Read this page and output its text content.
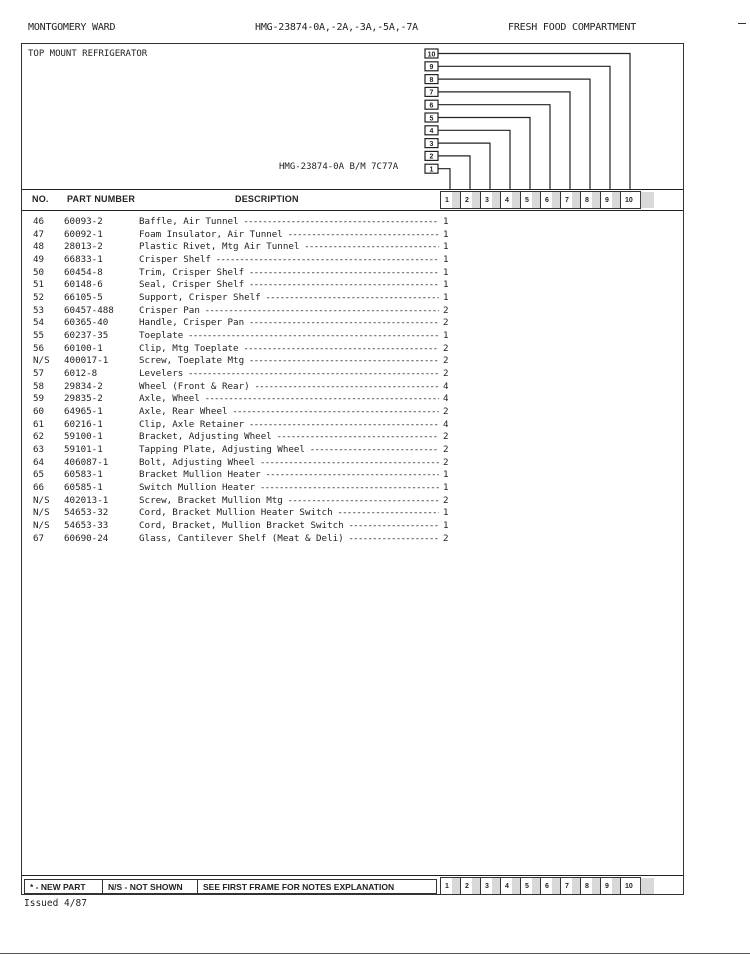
MONTGOMERY WARD	HMG-23874-0A,-2A,-3A,-5A,-7A	FRESH FOOD COMPARTMENT
TOP MOUNT REFRIGERATOR	10
9
8
7
6
5
4
3
2
1
HMG-23874-0A B/M 7C77A
NO. PART NUMBER	DESCRIPTION	1	2	3	4	5	6	7	8	9	10
46 60093-2	Baffle, Air Tunnel -----	1
47 60092-1	Foam Insulator, Air Tunnel -----	1
48 28013-2	Plastic Rivet, Mtg Air Tunnel -----	1
49 66833-1	Crisper Shelf -----	1
50 60454-8	Trim, Crisper Shelf -----	1
51 60148-6	Seal, Crisper Shelf -----	1
52 66105-5	Support, Crisper Shelf -----	1
53 60457-488	Crisper Pan -----	2
54 60365-40	Handle, Crisper Pan -----	2
55 60237-35	Toeplate -----	1
56 60100-1	Clip, Mtg Toeplate -----	2
N/S 400017-1	Screw, Toeplate Mtg -----	2
57 6012-8	Levelers -----	2
58 29834-2	Wheel (Front & Rear) -----	4
59 29835-2	Axle, Wheel -----	4
60 64965-1	Axle, Rear Wheel -----	2
61 60216-1	Clip, Axle Retainer -----	4
62 59100-1	Bracket, Adjusting Wheel -----	2
63 59101-1	Tapping Plate, Adjusting Wheel -----	2
64 406087-1	Bolt, Adjusting Wheel -----	2
65 60583-1	Bracket Mullion Heater -----	1
66 60585-1	Switch Mullion Heater -----	1
N/S 402013-1	Screw, Bracket Mullion Mtg -----	2
N/S 54653-32	Cord, Bracket Mullion Heater Switch -----	1
N/S 54653-33	Cord, Bracket, Mullion Bracket Switch -----	1
67 60690-24	Glass, Cantilever Shelf (Meat & Deli) -----	2
* - NEW PART	N/S - NOT SHOWN	SEE FIRST FRAME FOR NOTES EXPLANATION	1	2	3	4	5	6	7	8	9	10
Issued 4/87
